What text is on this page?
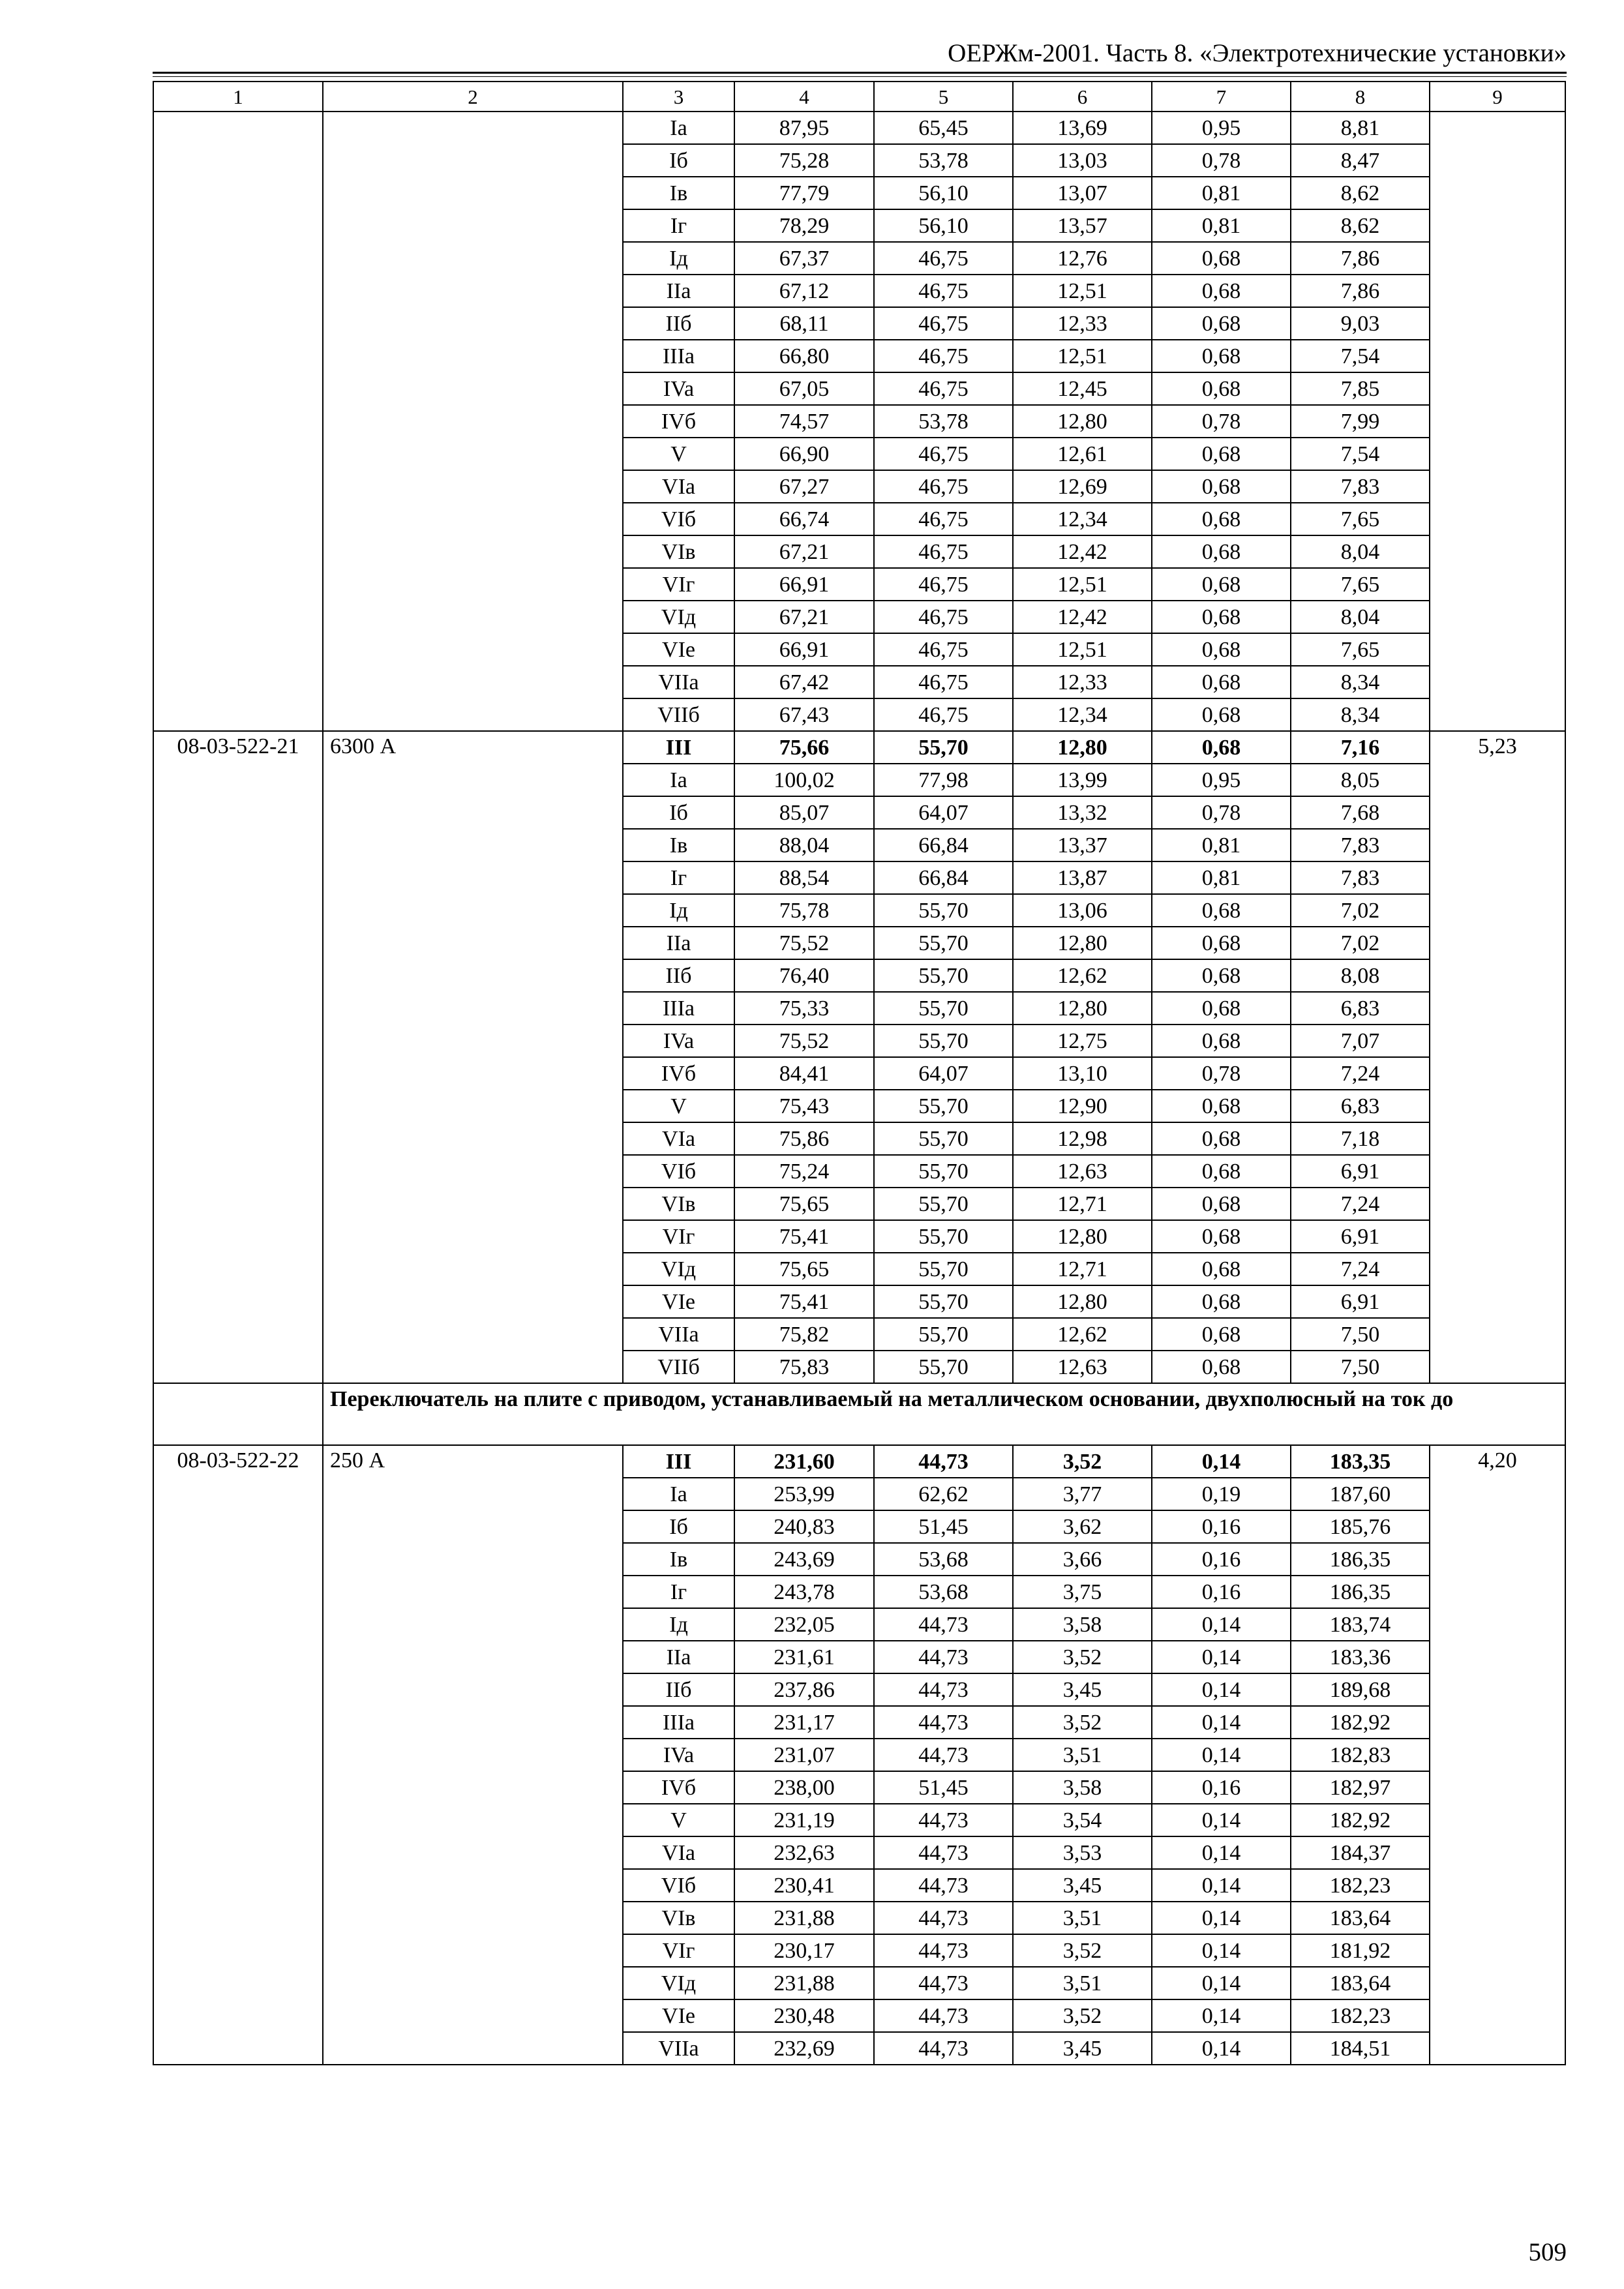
ОЕРЖм-2001. Часть 8. «Электротехнические установки»
1	2	3	4	5	6	7	8	9
		Ia	87,95	65,45	13,69	0,95	8,81	
		Iб	75,28	53,78	13,03	0,78	8,47	
		Iв	77,79	56,10	13,07	0,81	8,62	
		Iг	78,29	56,10	13,57	0,81	8,62	
		Iд	67,37	46,75	12,76	0,68	7,86	
		IIa	67,12	46,75	12,51	0,68	7,86	
		IIб	68,11	46,75	12,33	0,68	9,03	
		IIIa	66,80	46,75	12,51	0,68	7,54	
		IVa	67,05	46,75	12,45	0,68	7,85	
		IVб	74,57	53,78	12,80	0,78	7,99	
		V	66,90	46,75	12,61	0,68	7,54	
		VIa	67,27	46,75	12,69	0,68	7,83	
		VIб	66,74	46,75	12,34	0,68	7,65	
		VIв	67,21	46,75	12,42	0,68	8,04	
		VIг	66,91	46,75	12,51	0,68	7,65	
		VIд	67,21	46,75	12,42	0,68	8,04	
		VIe	66,91	46,75	12,51	0,68	7,65	
		VIIa	67,42	46,75	12,33	0,68	8,34	
		VIIб	67,43	46,75	12,34	0,68	8,34	
08-03-522-21	6300 А	III	75,66	55,70	12,80	0,68	7,16	5,23
		Ia	100,02	77,98	13,99	0,95	8,05	
		Iб	85,07	64,07	13,32	0,78	7,68	
		Iв	88,04	66,84	13,37	0,81	7,83	
		Iг	88,54	66,84	13,87	0,81	7,83	
		Iд	75,78	55,70	13,06	0,68	7,02	
		IIa	75,52	55,70	12,80	0,68	7,02	
		IIб	76,40	55,70	12,62	0,68	8,08	
		IIIa	75,33	55,70	12,80	0,68	6,83	
		IVa	75,52	55,70	12,75	0,68	7,07	
		IVб	84,41	64,07	13,10	0,78	7,24	
		V	75,43	55,70	12,90	0,68	6,83	
		VIa	75,86	55,70	12,98	0,68	7,18	
		VIб	75,24	55,70	12,63	0,68	6,91	
		VIв	75,65	55,70	12,71	0,68	7,24	
		VIг	75,41	55,70	12,80	0,68	6,91	
		VIд	75,65	55,70	12,71	0,68	7,24	
		VIe	75,41	55,70	12,80	0,68	6,91	
		VIIa	75,82	55,70	12,62	0,68	7,50	
		VIIб	75,83	55,70	12,63	0,68	7,50	
	Переключатель на плите с приводом, устанавливаемый на металлическом основании, двухполюсный на ток до							
08-03-522-22	250 А	III	231,60	44,73	3,52	0,14	183,35	4,20
		Ia	253,99	62,62	3,77	0,19	187,60	
		Iб	240,83	51,45	3,62	0,16	185,76	
		Iв	243,69	53,68	3,66	0,16	186,35	
		Iг	243,78	53,68	3,75	0,16	186,35	
		Iд	232,05	44,73	3,58	0,14	183,74	
		IIa	231,61	44,73	3,52	0,14	183,36	
		IIб	237,86	44,73	3,45	0,14	189,68	
		IIIa	231,17	44,73	3,52	0,14	182,92	
		IVa	231,07	44,73	3,51	0,14	182,83	
		IVб	238,00	51,45	3,58	0,16	182,97	
		V	231,19	44,73	3,54	0,14	182,92	
		VIa	232,63	44,73	3,53	0,14	184,37	
		VIб	230,41	44,73	3,45	0,14	182,23	
		VIв	231,88	44,73	3,51	0,14	183,64	
		VIг	230,17	44,73	3,52	0,14	181,92	
		VIд	231,88	44,73	3,51	0,14	183,64	
		VIe	230,48	44,73	3,52	0,14	182,23	
		VIIa	232,69	44,73	3,45	0,14	184,51	
509
